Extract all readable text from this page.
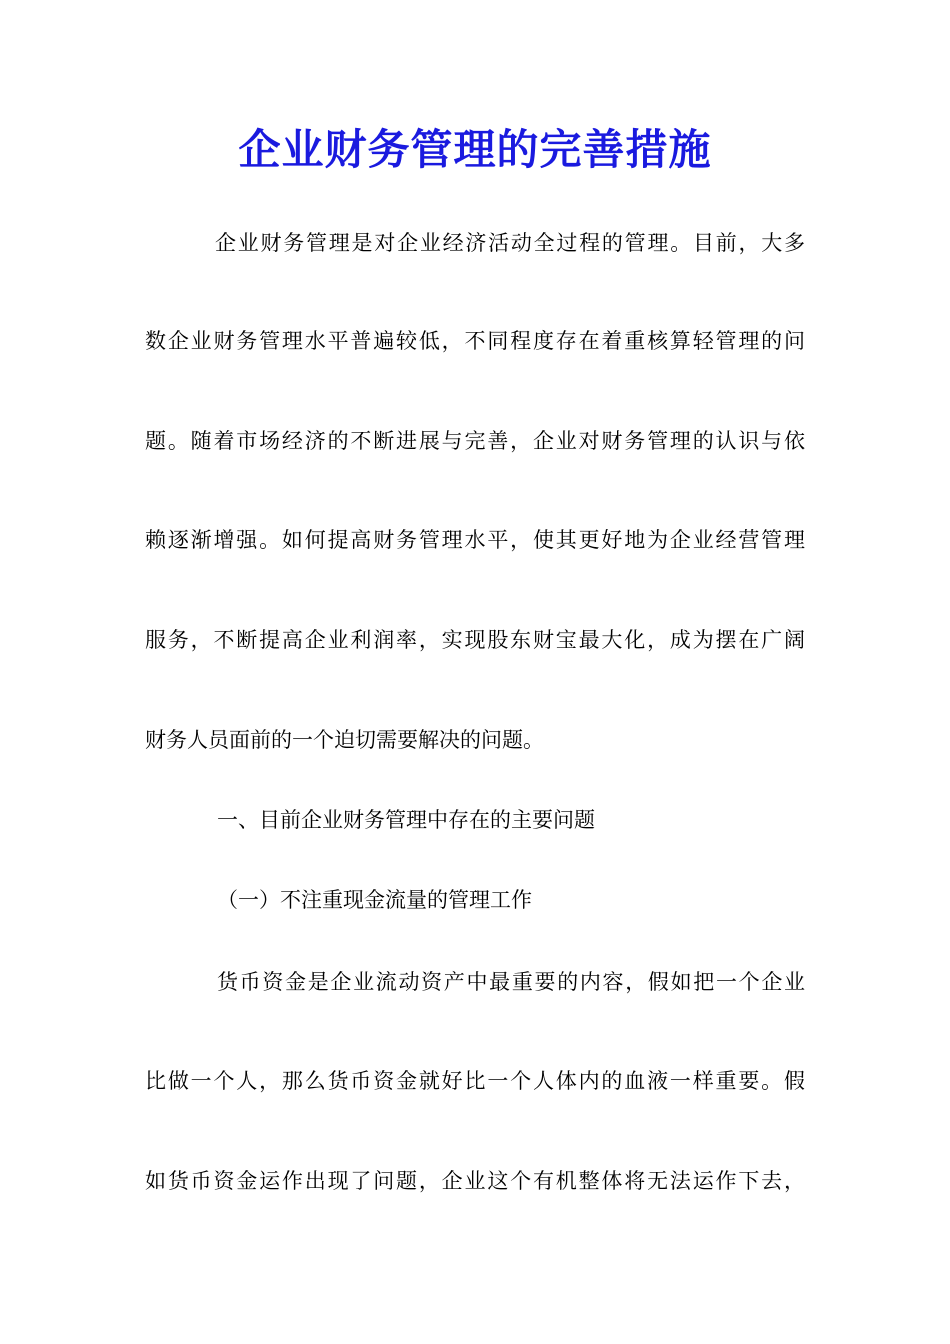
企业财务管理的完善措施
企业财务管理是对企业经济活动全过程的管理。目前，大多
数企业财务管理水平普遍较低，不同程度存在着重核算轻管理的问
题。随着市场经济的不断进展与完善，企业对财务管理的认识与依
赖逐渐增强。如何提高财务管理水平，使其更好地为企业经营管理
服务，不断提高企业利润率，实现股东财宝最大化，成为摆在广阔
财务人员面前的一个迫切需要解决的问题。
一、目前企业财务管理中存在的主要问题
（一）不注重现金流量的管理工作
货币资金是企业流动资产中最重要的内容，假如把一个企业
比做一个人，那么货币资金就好比一个人体内的血液一样重要。假
如货币资金运作出现了问题，企业这个有机整体将无法运作下去，
